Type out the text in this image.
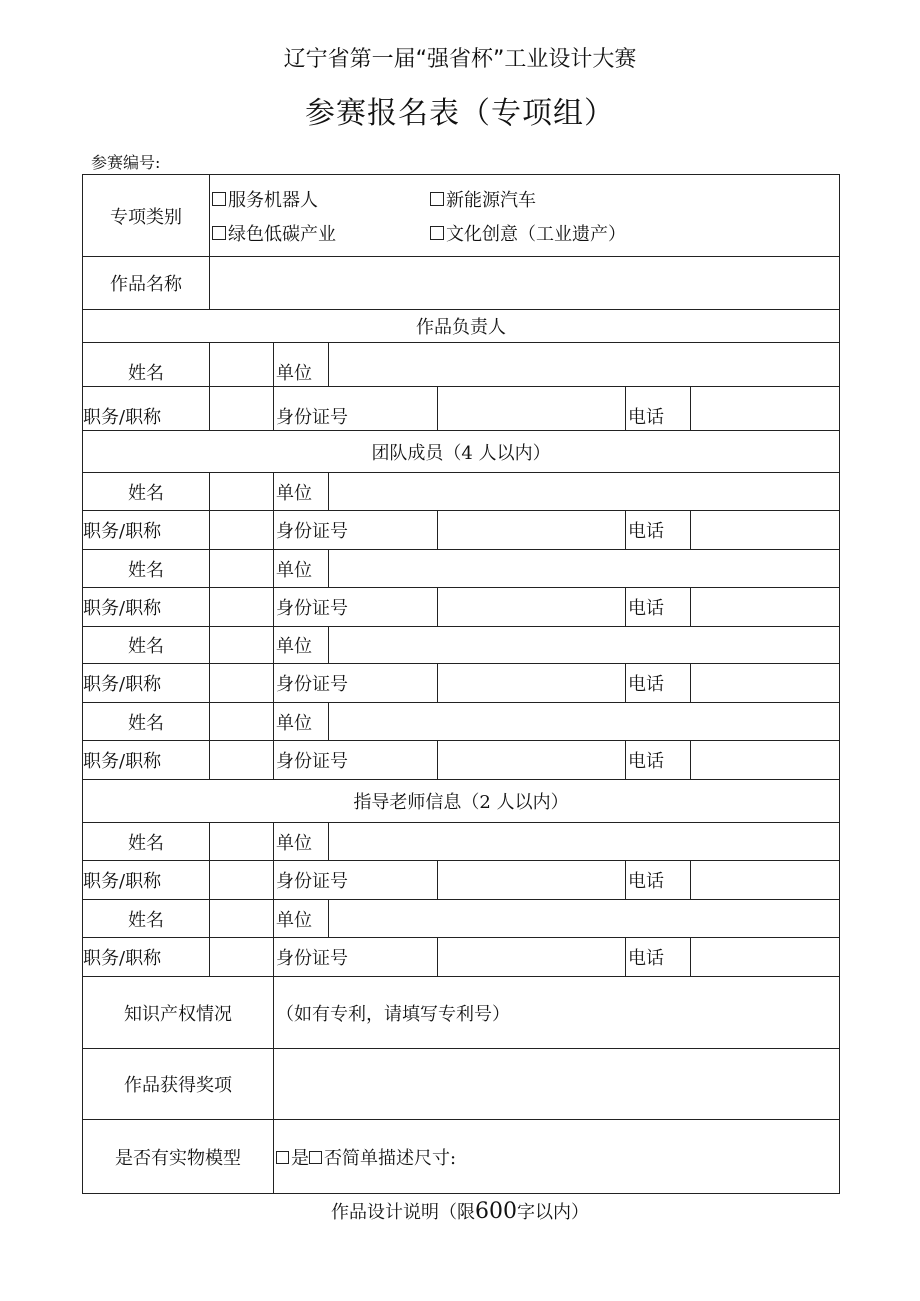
辽宁省第一届“强省杯”工业设计大赛
参赛报名表（专项组）
参赛编号:
专项类别	服务机器人 新能源汽车
绿色低碳产业 文化创意（工业遗产）					

作品名称						
作品负责人						
姓名		单位				
职务/职称		身份证号			电话	
团队成员（4 人以内）						
姓名		单位				
职务/职称		身份证号			电话	
姓名		单位				
职务/职称		身份证号			电话	
姓名		单位				
职务/职称		身份证号			电话	
姓名		单位				
职务/职称		身份证号			电话	
指导老师信息（2 人以内）						
姓名		单位				
职务/职称		身份证号			电话	
姓名		单位				
职务/职称		身份证号			电话	
知识产权情况		（如有专利，请填写专利号）				
作品获得奖项						
是否有实物模型		是 否简单描述尺寸:				
作品设计说明（限600字以内）
